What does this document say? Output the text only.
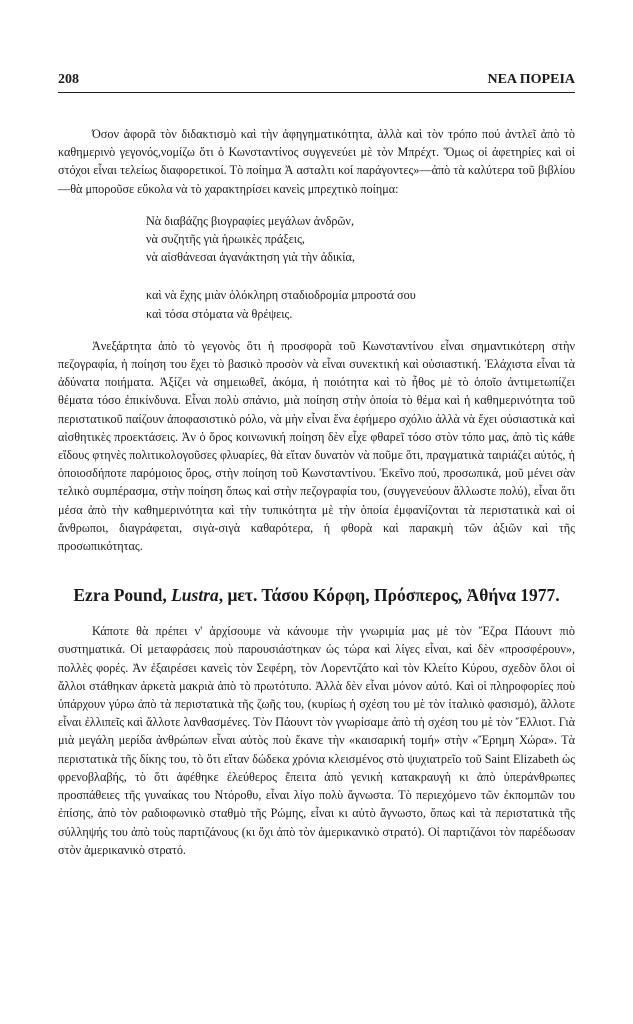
208	ΝΕΑ ΠΟΡΕΙΑ

Όσον ἀφορᾶ τὸν διδακτισμὸ καὶ τὴν ἀφηγηματικότητα, ἀλλὰ καὶ τὸν τρόπο πού ἀντλεῖ ἀπὸ τὸ καθημερινὸ γεγονός,νομίζω ὅτι ὁ Κωνσταντίνος συγγενεύει μὲ τὸν Μπρέχτ. Ὅμως οἱ ἀφετηρίες καὶ οἱ στόχοι εἶναι τελείως διαφορετικοί. Τὸ ποίημα Ἀ ασταλτι κοί παράγοντες»—ἀπὸ τὰ καλύτερα τοῦ βιβλίου—θὰ μποροῦσε εὔκολα νὰ τὸ χαρακτηρίσει κανεὶς μπρεχτικὸ ποίημα:

Νὰ διαβάζης βιογραφίες μεγάλων ἀνδρῶν,
νὰ συζητῆς γιὰ ἡρωικὲς πράξεις,
νὰ αἰσθάνεσαι ἀγανάκτηση γιὰ τὴν ἀδικία,
καὶ νὰ ἔχης μιὰν ὁλόκληρη σταδιοδρομία μπροστά σου
καὶ τόσα στόματα νὰ θρέψεις.

Ἀνεξάρτητα ἀπὸ τὸ γεγονὸς ὅτι ἡ προσφορὰ τοῦ Κωνσταντίνου εἶναι σημαντικότερη στὴν πεζογραφία, ἡ ποίηση του ἔχει τὸ βασικὸ προσὸν νὰ εἶναι συνεκτική καὶ οὐσιαστική. Ἐλάχιστα εἶναι τὰ ἀδύνατα ποιήματα. Ἀξίζει νὰ σημειωθεῖ, ἀκόμα, ἡ ποιότητα καὶ τὸ ἦθος μὲ τὸ ὁποῖο ἀντιμετωπίζει θέματα τόσο ἐπικίνδυνα. Εἶναι πολὺ σπάνιο, μιὰ ποίηση στὴν ὁποία τὸ θέμα καὶ ἡ καθημερινότητα τοῦ περιστατικοῦ παίζουν ἀποφασιστικὸ ρόλο, νὰ μὴν εἶναι ἕνα ἐφήμερο σχόλιο ἀλλὰ νὰ ἔχει οὐσιαστικὰ καὶ αἰσθητικὲς προεκτάσεις. Ἀν ὁ ὅρος κοινωνική ποίηση δὲν εἶχε φθαρεῖ τόσο στὸν τόπο μας, ἀπὸ τὶς κάθε εἴδους φτηνὲς πολιτικολογοῦσες φλυαρίες, θὰ εἴταν δυνατὸν νὰ ποῦμε ὅτι, πραγματικὰ ταιριάζει αὐτός, ἡ ὁποιοσδήποτε παρόμοιος ὅρος, στὴν ποίηση τοῦ Κωνσταντίνου. Ἐκεῖνο πού, προσωπικά, μοῦ μένει σὰν τελικὸ συμπέρασμα, στὴν ποίηση ὅπως καὶ στὴν πεζογραφία του, (συγγενεύουν ἄλλωστε πολύ), εἶναι ὅτι μέσα ἀπὸ τὴν καθημερινότητα καὶ τὴν τυπικότητα μὲ τὴν ὁποία ἐμφανίζονται τὰ περιστατικὰ καὶ οἱ ἄνθρωποι, διαγράφεται, σιγὰ-σιγὰ καθαρότερα, ἡ φθορὰ καὶ παρακμὴ τῶν ἀξιῶν καὶ τῆς προσωπικότητας.

Ezra Pound, Lustra, μετ. Τάσου Κόρφη, Πρόσπερος, Ἀθήνα 1977.

Κάποτε θὰ πρέπει ν' ἀρχίσουμε νὰ κάνουμε τὴν γνωριμία μας μὲ τὸν Ἔζρα Πάουντ πιὸ συστηματικά. Οἱ μεταφράσεις ποὺ παρουσιάστηκαν ὡς τώρα καὶ λίγες εἶναι, καὶ δὲν «προσφέρουν», πολλὲς φορές. Ἀν ἐξαιρέσει κανεὶς τὸν Σεφέρη, τὸν Λορεντζάτο καὶ τὸν Κλείτο Κύρου, σχεδὸν ὅλοι οἱ ἄλλοι στάθηκαν ἀρκετὰ μακριὰ ἀπὸ τὸ πρωτότυπο. Ἀλλὰ δὲν εἶναι μόνον αὐτό. Καὶ οἱ πληροφορίες ποὺ ὑπάρχουν γύρω ἀπὸ τὰ περιστατικὰ τῆς ζωῆς του, (κυρίως ἡ σχέση του μὲ τὸν ἰταλικὸ φασισμό), ἄλλοτε εἶναι ἐλλιπεῖς καὶ ἄλλοτε λανθασμένες. Τὸν Πάουντ τὸν γνωρίσαμε ἀπὸ τὴ σχέση του μὲ τὸν Ἔλλιοτ. Γιὰ μιὰ μεγάλη μερίδα ἀνθρώπων εἶναι αὐτὸς ποὺ ἔκανε τὴν «καισαρική τομή» στὴν «Ἔρημη Χώρα». Τὰ περιστατικὰ τῆς δίκης του, τὸ ὅτι εἴταν δώδεκα χρόνια κλεισμένος στὸ ψυχιατρεῖο τοῦ Saint Elizabeth ὡς φρενοβλαβής, τὸ ὅτι ἀφέθηκε ἐλεύθερος ἔπειτα ἀπὸ γενικὴ κατακραυγὴ κι ἀπὸ ὑπεράνθρωπες προσπάθειες τῆς γυναίκας του Ντόροθυ, εἶναι λίγο πολὺ ἄγνωστα. Τὸ περιεχόμενο τῶν ἐκπομπῶν του ἐπίσης, ἀπὸ τὸν ραδιοφωνικὸ σταθμὸ τῆς Ρώμης, εἶναι κι αὐτὸ ἄγνωστο, ὅπως καὶ τὰ περιστατικὰ τῆς σύλληψής του ἀπὸ τοὺς παρτιζάνους (κι ὄχι ἀπὸ τὸν ἀμερικανικὸ στρατό). Οἱ παρτιζάνοι τὸν παρέδωσαν στὸν ἀμερικανικὸ στρατό.
